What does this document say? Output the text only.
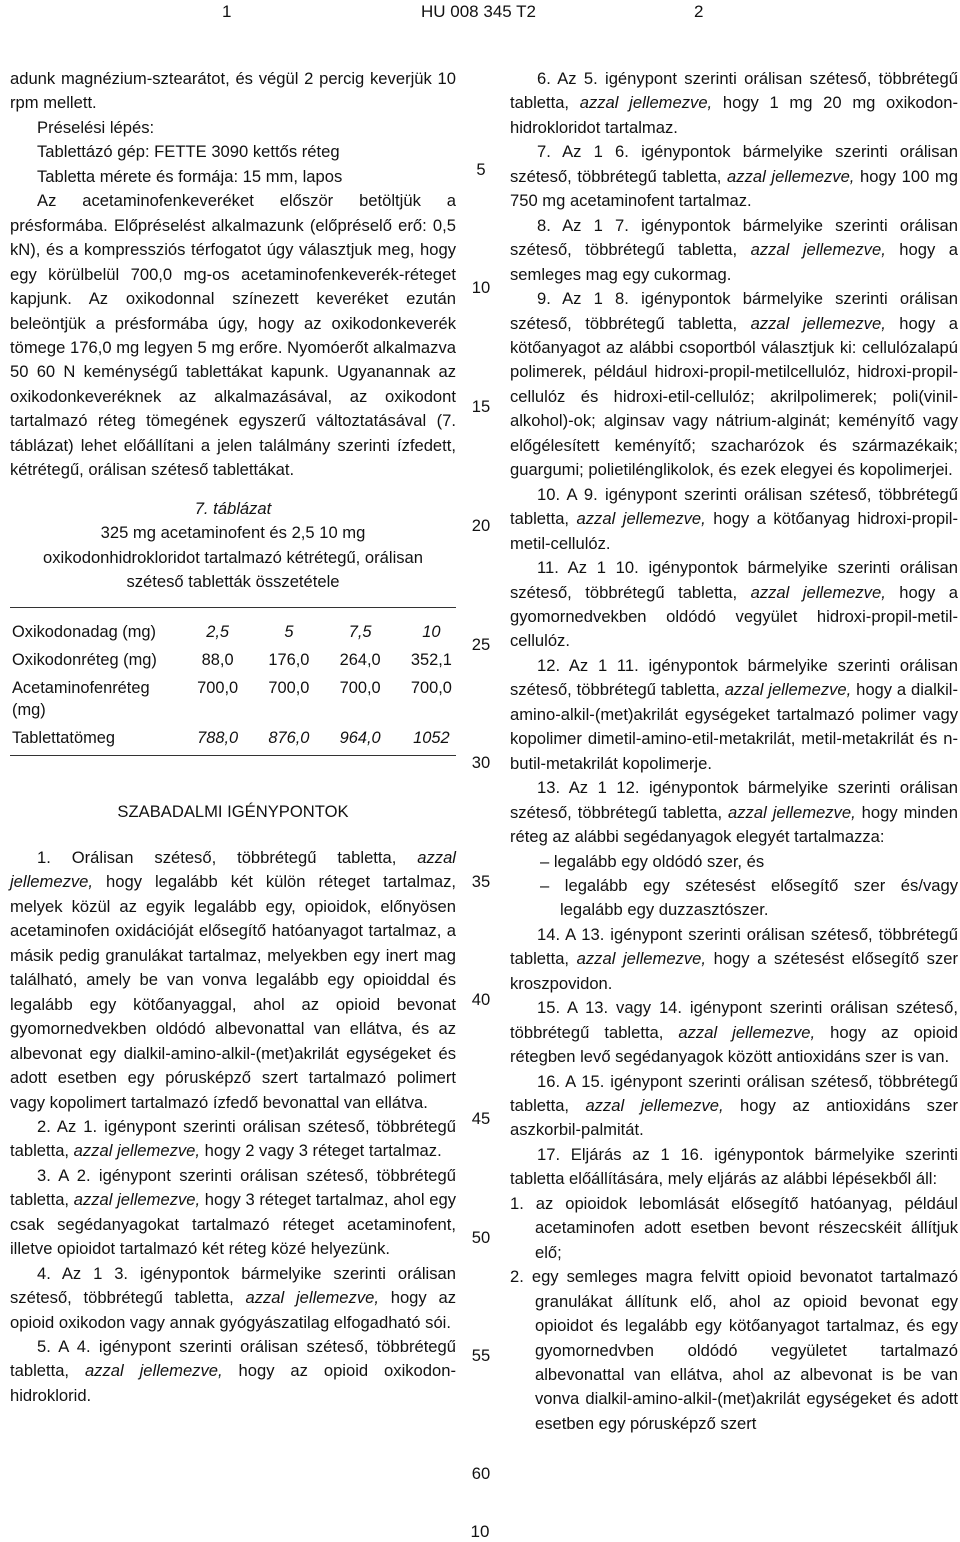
1	HU 008 345 T2	2

adunk magnézium-sztearátot, és végül 2 percig keverjük 10 rpm mellett.

Préselési lépés:

Tablettázó gép: FETTE 3090 kettős réteg

Tabletta mérete és formája: 15 mm, lapos

Az acetaminofenkeveréket először betöltjük a présformába. Előpréselést alkalmazunk (előpréselő erő: 0,5 kN), és a kompressziós térfogatot úgy választjuk meg, hogy egy körülbelül 700,0 mg-os acetaminofenkeverék-réteget kapjunk. Az oxikodonnal színezett keveréket ezután beleöntjük a présformába úgy, hogy az oxikodonkeverék tömege 176,0 mg legyen 5 mg erőre. Nyomóerőt alkalmazva 50 60 N keménységű tablettákat kapunk. Ugyanannak az oxikodonkeveréknek az alkalmazásával, az oxikodont tartalmazó réteg tömegének egyszerű változtatásával (7. táblázat) lehet előállítani a jelen találmány szerinti ízfedett, kétrétegű, orálisan széteső tablettákat.

7. táblázat

325 mg acetaminofent és 2,5 10 mg oxikodonhidrokloridot tartalmazó kétrétegű, orálisan széteső tabletták összetétele

Oxikodonadag (mg)	2,5	5	7,5	10
Oxikodonréteg (mg)	88,0	176,0	264,0	352,1
Acetaminofenréteg (mg)	700,0	700,0	700,0	700,0
Tablettatömeg	788,0	876,0	964,0	1052

SZABADALMI IGÉNYPONTOK

1. Orálisan széteső, többrétegű tabletta, azzal jellemezve, hogy legalább két külön réteget tartalmaz, melyek közül az egyik legalább egy, opioidok, előnyösen acetaminofen oxidációját elősegítő hatóanyagot tartalmaz, a másik pedig granulákat tartalmaz, melyekben egy inert mag található, amely be van vonva legalább egy opioiddal és legalább egy kötőanyaggal, ahol az opioid bevonat gyomornedvekben oldódó albevonattal van ellátva, és az albevonat egy dialkil-amino-alkil-(met)akrilát egységeket és adott esetben egy pórusképző szert tartalmazó polimert vagy kopolimert tartalmazó ízfedő bevonattal van ellátva.

2. Az 1. igénypont szerinti orálisan széteső, többrétegű tabletta, azzal jellemezve, hogy 2 vagy 3 réteget tartalmaz.

3. A 2. igénypont szerinti orálisan széteső, többrétegű tabletta, azzal jellemezve, hogy 3 réteget tartalmaz, ahol egy csak segédanyagokat tartalmazó réteget acetaminofent, illetve opioidot tartalmazó két réteg közé helyezünk.

4. Az 1 3. igénypontok bármelyike szerinti orálisan széteső, többrétegű tabletta, azzal jellemezve, hogy az opioid oxikodon vagy annak gyógyászatilag elfogadható sói.

5. A 4. igénypont szerinti orálisan széteső, többrétegű tabletta, azzal jellemezve, hogy az opioid oxikodon-hidroklorid.

5
10
15
20
25
30
35
40
45
50
55
60

6. Az 5. igénypont szerinti orálisan széteső, többrétegű tabletta, azzal jellemezve, hogy 1 mg 20 mg oxikodon-hidrokloridot tartalmaz.

7. Az 1 6. igénypontok bármelyike szerinti orálisan széteső, többrétegű tabletta, azzal jellemezve, hogy 100 mg 750 mg acetaminofent tartalmaz.

8. Az 1 7. igénypontok bármelyike szerinti orálisan széteső, többrétegű tabletta, azzal jellemezve, hogy a semleges mag egy cukormag.

9. Az 1 8. igénypontok bármelyike szerinti orálisan széteső, többrétegű tabletta, azzal jellemezve, hogy a kötőanyagot az alábbi csoportból választjuk ki: cellulózalapú polimerek, például hidroxi-propil-metilcellulóz, hidroxi-propil-cellulóz és hidroxi-etil-cellulóz; akrilpolimerek; poli(vinil-alkohol)-ok; alginsav vagy nátrium-alginát; keményítő vagy előgélesített keményítő; szacharózok és származékaik; guargumi; polietilénglikolok, és ezek elegyei és kopolimerjei.

10. A 9. igénypont szerinti orálisan széteső, többrétegű tabletta, azzal jellemezve, hogy a kötőanyag hidroxi-propil-metil-cellulóz.

11. Az 1 10. igénypontok bármelyike szerinti orálisan széteső, többrétegű tabletta, azzal jellemezve, hogy a gyomornedvekben oldódó vegyület hidroxi-propil-metil-cellulóz.

12. Az 1 11. igénypontok bármelyike szerinti orálisan széteső, többrétegű tabletta, azzal jellemezve, hogy a dialkil-amino-alkil-(met)akrilát egységeket tartalmazó polimer vagy kopolimer dimetil-amino-etil-metakrilát, metil-metakrilát és n-butil-metakrilát kopolimerje.

13. Az 1 12. igénypontok bármelyike szerinti orálisan széteső, többrétegű tabletta, azzal jellemezve, hogy minden réteg az alábbi segédanyagok elegyét tartalmazza:

– legalább egy oldódó szer, és

– legalább egy szétesést elősegítő szer és/vagy legalább egy duzzasztószer.

14. A 13. igénypont szerinti orálisan széteső, többrétegű tabletta, azzal jellemezve, hogy a szétesést elősegítő szer kroszpovidon.

15. A 13. vagy 14. igénypont szerinti orálisan széteső, többrétegű tabletta, azzal jellemezve, hogy az opioid rétegben levő segédanyagok között antioxidáns szer is van.

16. A 15. igénypont szerinti orálisan széteső, többrétegű tabletta, azzal jellemezve, hogy az antioxidáns szer aszkorbil-palmitát.

17. Eljárás az 1 16. igénypontok bármelyike szerinti tabletta előállítására, mely eljárás az alábbi lépésekből áll:

1. az opioidok lebomlását elősegítő hatóanyag, például acetaminofen adott esetben bevont részecskéit állítjuk elő;

2. egy semleges magra felvitt opioid bevonatot tartalmazó granulákat állítunk elő, ahol az opioid bevonat egy opioidot és legalább egy kötőanyagot tartalmaz, és egy gyomornedvben oldódó vegyületet tartalmazó albevonattal van ellátva, ahol az albevonat is be van vonva dialkil-amino-alkil-(met)akrilát egységeket és adott esetben egy pórusképző szert

10
